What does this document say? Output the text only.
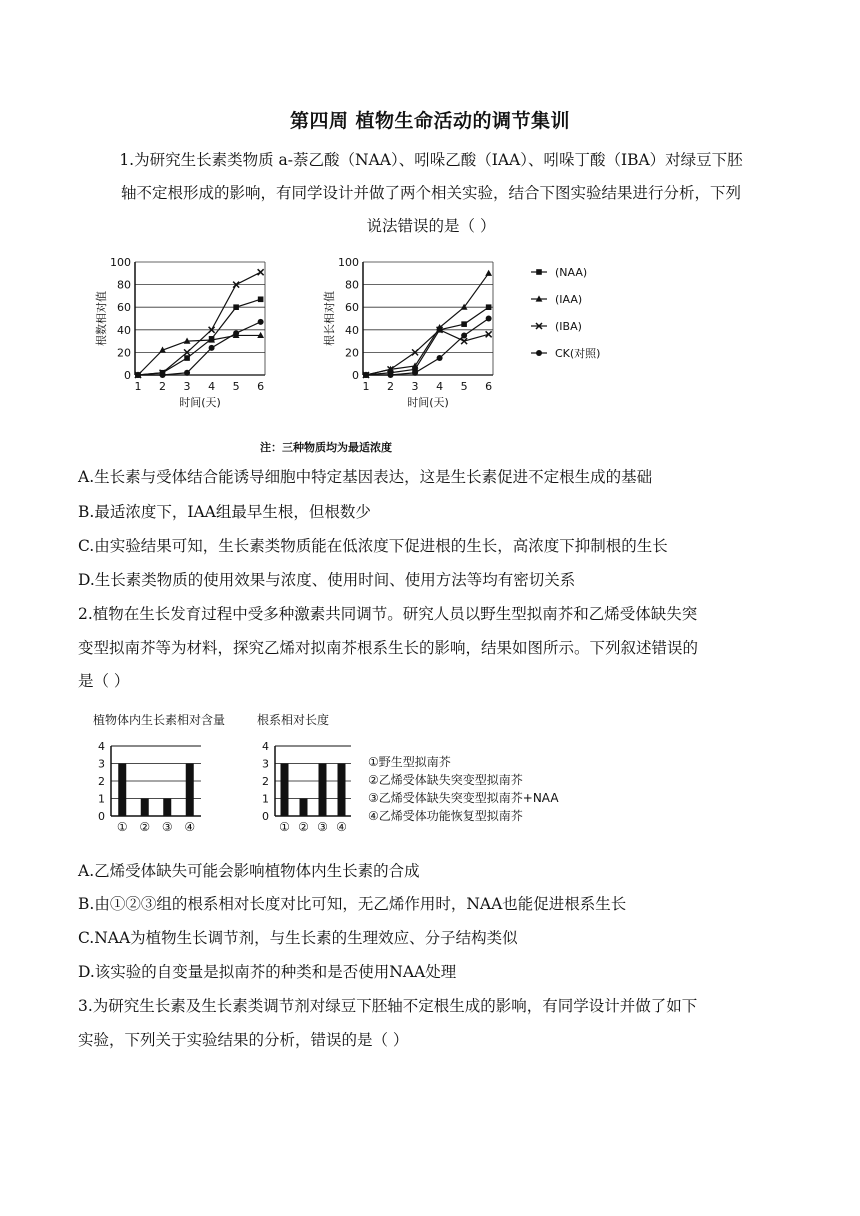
第四周 植物生命活动的调节集训
1.为研究生长素类物质 a-萘乙酸（NAA）、吲哚乙酸（IAA）、吲哚丁酸（IBA）对绿豆下胚
轴不定根形成的影响，有同学设计并做了两个相关实验，结合下图实验结果进行分析，下列
说法错误的是（ ）
0
20
40
60
80
100
1 2 3 4 5 6
时间(天)
根数相对值
0
20
40
60
80
100
1 2 3 4 5 6
时间(天)
根长相对值
(NAA)
(IAA)
(IBA)
CK(对照)
注：三种物质均为最适浓度
A.生长素与受体结合能诱导细胞中特定基因表达，这是生长素促进不定根生成的基础
B.最适浓度下，IAA组最早生根，但根数少
C.由实验结果可知，生长素类物质能在低浓度下促进根的生长，高浓度下抑制根的生长
D.生长素类物质的使用效果与浓度、使用时间、使用方法等均有密切关系
2.植物在生长发育过程中受多种激素共同调节。研究人员以野生型拟南芥和乙烯受体缺失突
变型拟南芥等为材料，探究乙烯对拟南芥根系生长的影响，结果如图所示。下列叙述错误的
是（ ）
植物体内生长素相对含量
0
1
2
3
4
① ② ③ ④
根系相对长度
0
1
2
3
4
① ② ③ ④
①野生型拟南芥
②乙烯受体缺失突变型拟南芥
③乙烯受体缺失突变型拟南芥+NAA
④乙烯受体功能恢复型拟南芥
A.乙烯受体缺失可能会影响植物体内生长素的合成
B.由①②③组的根系相对长度对比可知，无乙烯作用时，NAA也能促进根系生长
C.NAA为植物生长调节剂，与生长素的生理效应、分子结构类似
D.该实验的自变量是拟南芥的种类和是否使用NAA处理
3.为研究生长素及生长素类调节剂对绿豆下胚轴不定根生成的影响，有同学设计并做了如下
实验，下列关于实验结果的分析，错误的是（ ）
